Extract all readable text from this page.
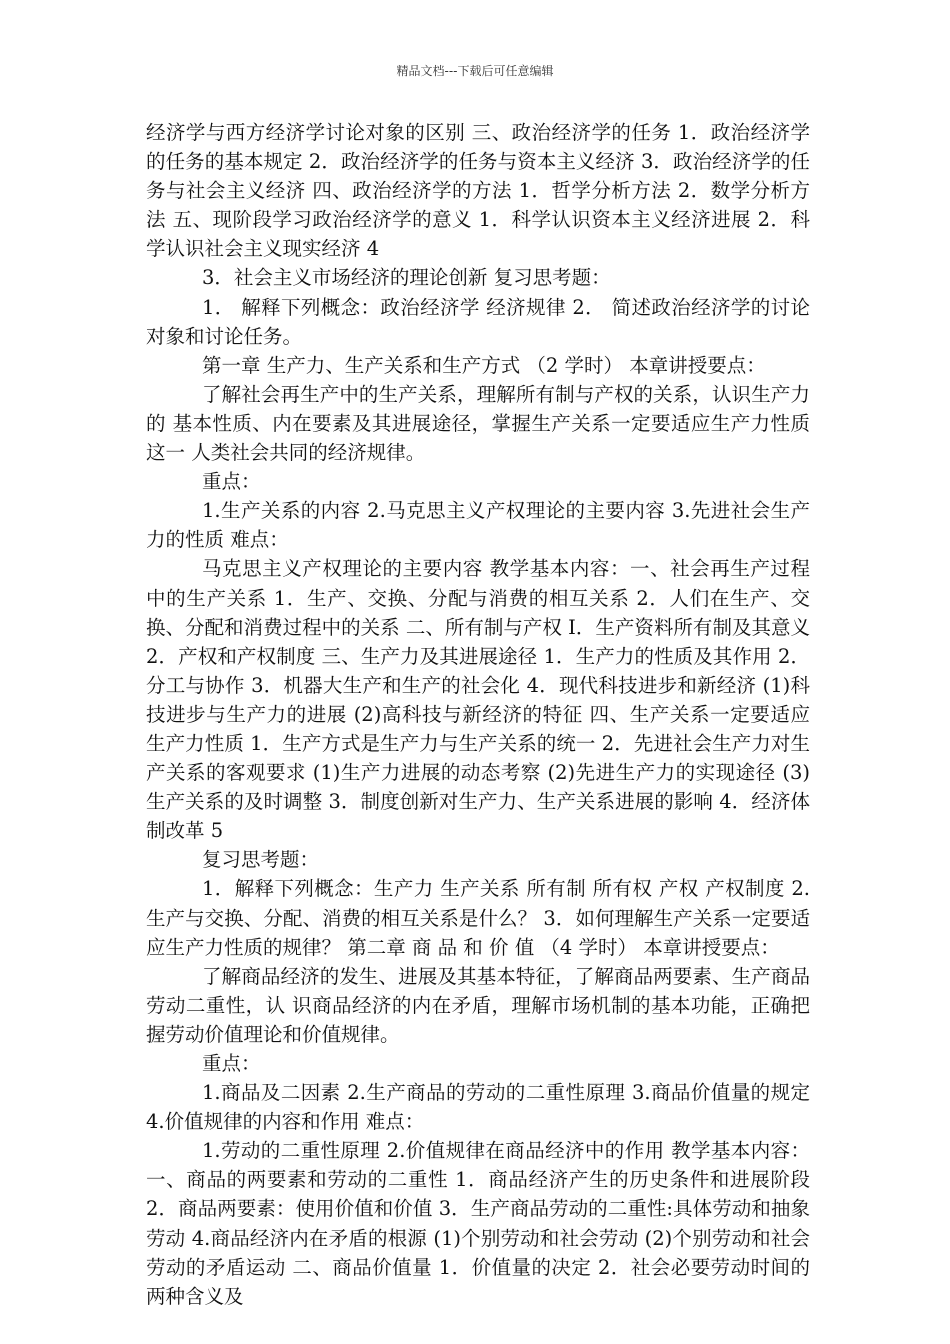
精品文档---下载后可任意编辑

经济学与西方经济学讨论对象的区别 三、政治经济学的任务 1．政治经济学的任务的基本规定 2．政治经济学的任务与资本主义经济 3．政治经济学的任务与社会主义经济 四、政治经济学的方法 1．哲学分析方法 2．数学分析方法 五、现阶段学习政治经济学的意义 1．科学认识资本主义经济进展 2．科学认识社会主义现实经济 4

3．社会主义市场经济的理论创新 复习思考题：

1． 解释下列概念：政治经济学 经济规律 2． 简述政治经济学的讨论对象和讨论任务。

第一章 生产力、生产关系和生产方式 （2 学时） 本章讲授要点：

了解社会再生产中的生产关系，理解所有制与产权的关系，认识生产力的 基本性质、内在要素及其进展途径，掌握生产关系一定要适应生产力性质这一 人类社会共同的经济规律。

重点：

1.生产关系的内容 2.马克思主义产权理论的主要内容 3.先进社会生产力的性质 难点：

马克思主义产权理论的主要内容 教学基本内容：一、社会再生产过程中的生产关系 1．生产、交换、分配与消费的相互关系 2．人们在生产、交换、分配和消费过程中的关系 二、所有制与产权 I．生产资料所有制及其意义 2．产权和产权制度 三、生产力及其进展途径 1．生产力的性质及其作用 2．分工与协作 3．机器大生产和生产的社会化 4．现代科技进步和新经济 (1)科技进步与生产力的进展 (2)高科技与新经济的特征 四、生产关系一定要适应生产力性质 1．生产方式是生产力与生产关系的统一 2．先进社会生产力对生产关系的客观要求 (1)生产力进展的动态考察 (2)先进生产力的实现途径 (3)生产关系的及时调整 3．制度创新对生产力、生产关系进展的影响 4．经济体制改革 5

复习思考题：

1．解释下列概念：生产力 生产关系 所有制 所有权 产权 产权制度 2.生产与交换、分配、消费的相互关系是什么？ 3．如何理解生产关系一定要适应生产力性质的规律？ 第二章 商 品 和 价 值 （4 学时） 本章讲授要点：

了解商品经济的发生、进展及其基本特征，了解商品两要素、生产商品劳动二重性，认 识商品经济的内在矛盾，理解市场机制的基本功能，正确把握劳动价值理论和价值规律。

重点：

1.商品及二因素 2.生产商品的劳动的二重性原理 3.商品价值量的规定 4.价值规律的内容和作用 难点：

1.劳动的二重性原理 2.价值规律在商品经济中的作用 教学基本内容：一、商品的两要素和劳动的二重性 1．商品经济产生的历史条件和进展阶段 2．商品两要素：使用价值和价值 3．生产商品劳动的二重性:具体劳动和抽象劳动 4.商品经济内在矛盾的根源 (1)个别劳动和社会劳动 (2)个别劳动和社会劳动的矛盾运动 二、商品价值量 1．价值量的决定 2．社会必要劳动时间的两种含义及
